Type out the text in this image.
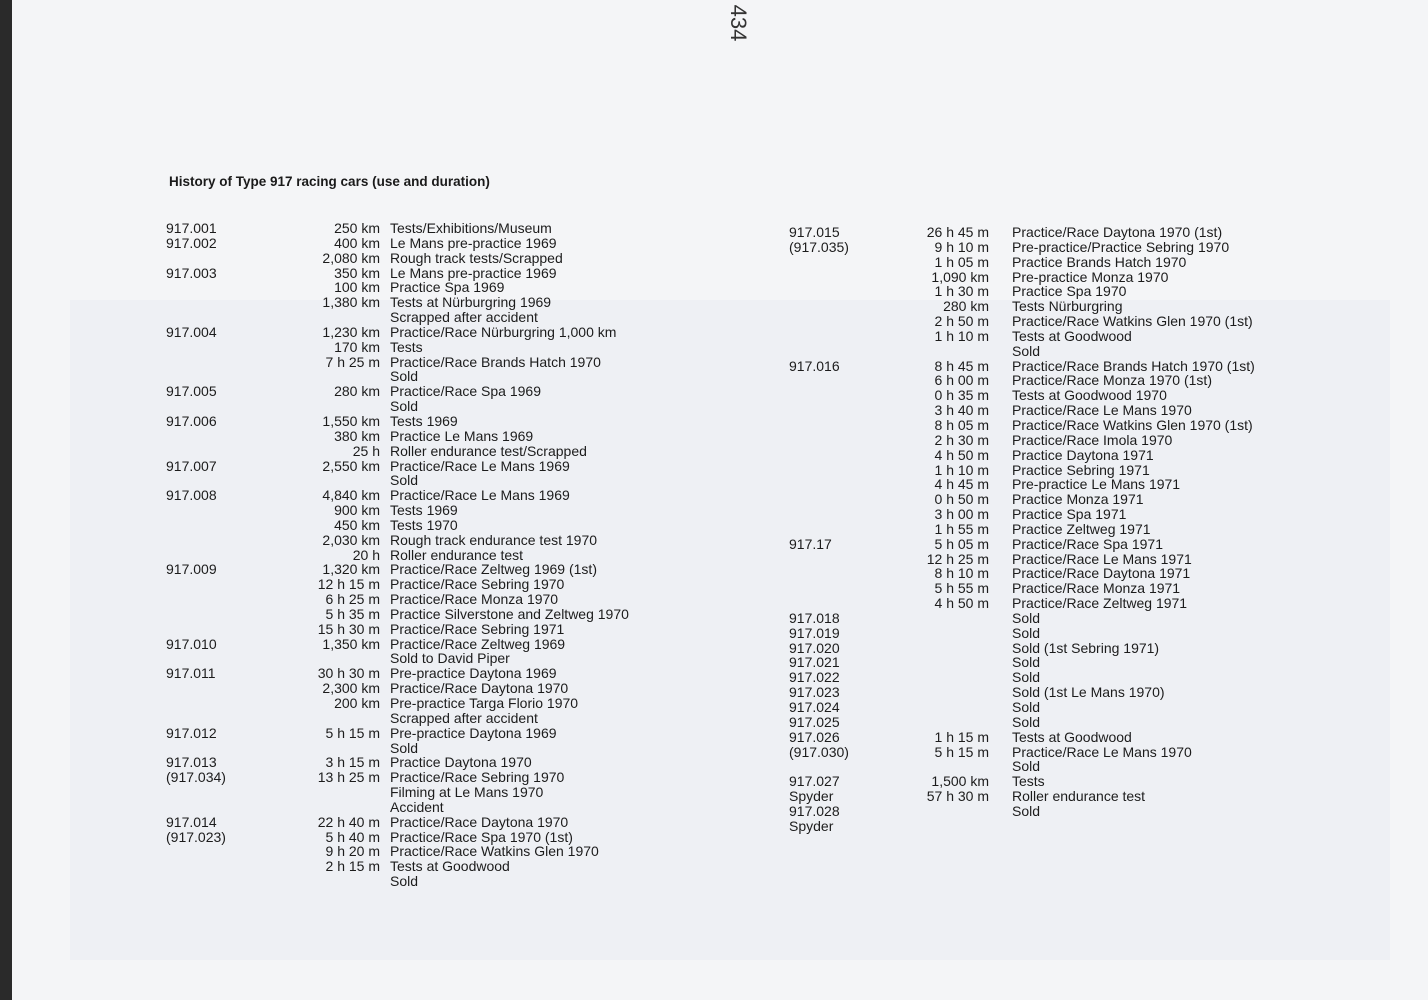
434
History of Type 917 racing cars (use and duration)
917.001	250 km Tests/Exhibitions/Museum
917.002	400 km Le Mans pre-practice 1969
2,080 km Rough track tests/Scrapped
917.003	350 km Le Mans pre-practice 1969
100 km Practice Spa 1969
1,380 km Tests at Nürburgring 1969
Scrapped after accident
917.004	1,230 km Practice/Race Nürburgring 1,000 km
170 km Tests
7 h 25 m Practice/Race Brands Hatch 1970
Sold
917.005	280 km Practice/Race Spa 1969
Sold
917.006	1,550 km Tests 1969
380 km Practice Le Mans 1969
25 h Roller endurance test/Scrapped
917.007	2,550 km Practice/Race Le Mans 1969
Sold
917.008	4,840 km Practice/Race Le Mans 1969
900 km Tests 1969
450 km Tests 1970
2,030 km Rough track endurance test 1970
20 h Roller endurance test
917.009	1,320 km Practice/Race Zeltweg 1969 (1st)
12 h 15 m Practice/Race Sebring 1970
6 h 25 m Practice/Race Monza 1970
5 h 35 m Practice Silverstone and Zeltweg 1970
15 h 30 m Practice/Race Sebring 1971
917.010	1,350 km Practice/Race Zeltweg 1969
Sold to David Piper
917.011	30 h 30 m Pre-practice Daytona 1969
2,300 km Practice/Race Daytona 1970
200 km Pre-practice Targa Florio 1970
Scrapped after accident
917.012	5 h 15 m Pre-practice Daytona 1969
Sold
917.013	3 h 15 m Practice Daytona 1970
(917.034)	13 h 25 m Practice/Race Sebring 1970
Filming at Le Mans 1970
Accident
917.014	22 h 40 m Practice/Race Daytona 1970
(917.023)	5 h 40 m Practice/Race Spa 1970 (1st)
9 h 20 m Practice/Race Watkins Glen 1970
2 h 15 m Tests at Goodwood
Sold
917.015	26 h 45 m Practice/Race Daytona 1970 (1st)
(917.035)	9 h 10 m Pre-practice/Practice Sebring 1970
1 h 05 m Practice Brands Hatch 1970
1,090 km Pre-practice Monza 1970
1 h 30 m Practice Spa 1970
280 km Tests Nürburgring
2 h 50 m Practice/Race Watkins Glen 1970 (1st)
1 h 10 m Tests at Goodwood
Sold
917.016	8 h 45 m Practice/Race Brands Hatch 1970 (1st)
6 h 00 m Practice/Race Monza 1970 (1st)
0 h 35 m Tests at Goodwood 1970
3 h 40 m Practice/Race Le Mans 1970
8 h 05 m Practice/Race Watkins Glen 1970 (1st)
2 h 30 m Practice/Race Imola 1970
4 h 50 m Practice Daytona 1971
1 h 10 m Practice Sebring 1971
4 h 45 m Pre-practice Le Mans 1971
0 h 50 m Practice Monza 1971
3 h 00 m Practice Spa 1971
1 h 55 m Practice Zeltweg 1971
917.17	5 h 05 m Practice/Race Spa 1971
12 h 25 m Practice/Race Le Mans 1971
8 h 10 m Practice/Race Daytona 1971
5 h 55 m Practice/Race Monza 1971
4 h 50 m Practice/Race Zeltweg 1971
917.018	Sold
917.019	Sold
917.020	Sold (1st Sebring 1971)
917.021	Sold
917.022	Sold
917.023	Sold (1st Le Mans 1970)
917.024	Sold
917.025	Sold
917.026	1 h 15 m Tests at Goodwood
(917.030)	5 h 15 m Practice/Race Le Mans 1970
Sold
917.027	1,500 km Tests
Spyder	57 h 30 m Roller endurance test
917.028	Sold
Spyder
